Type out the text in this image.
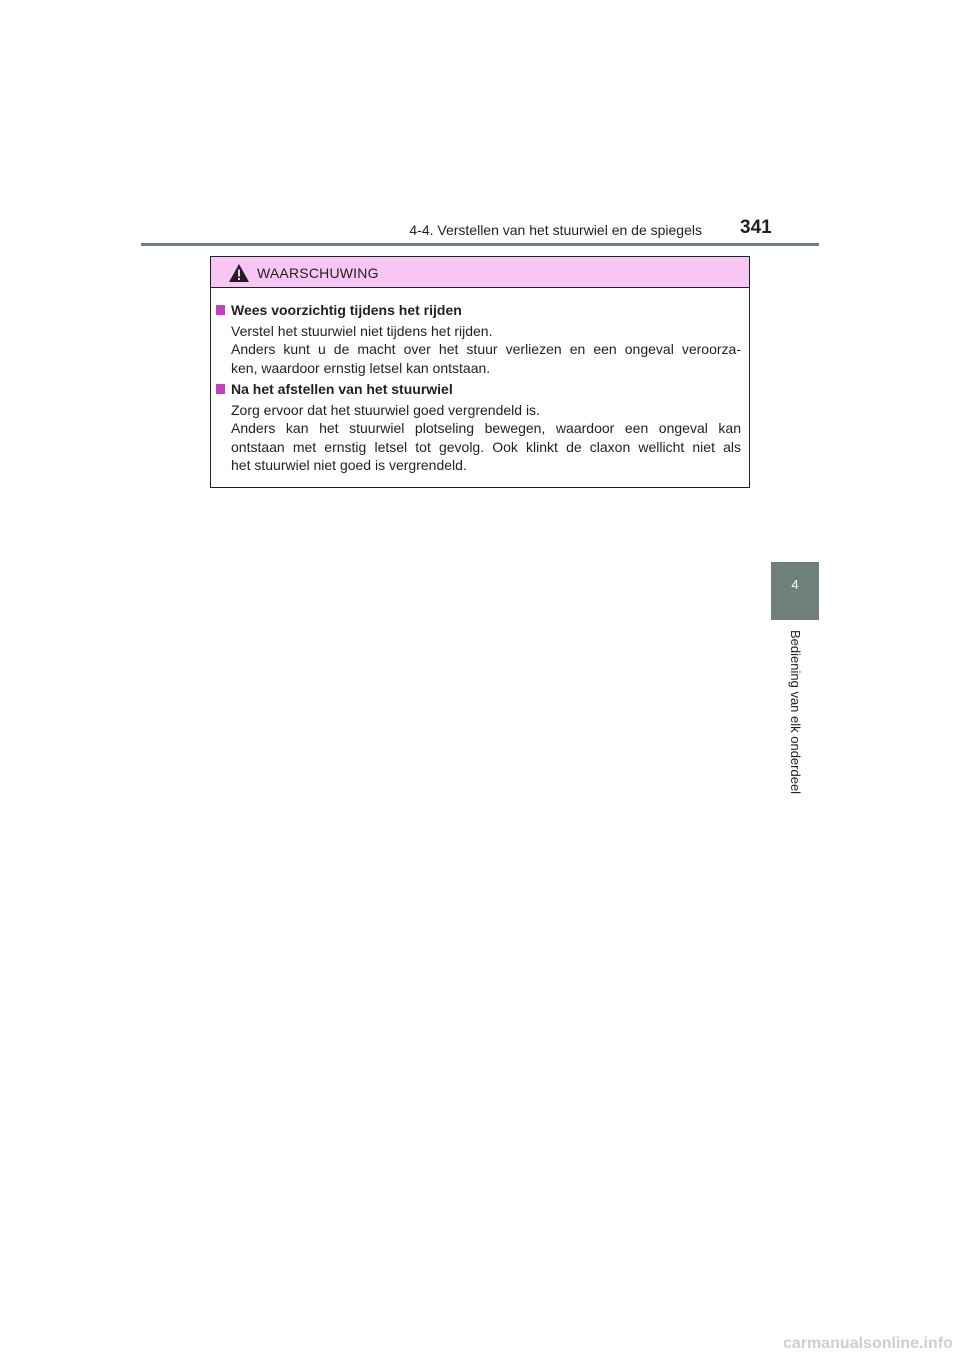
4-4. Verstellen van het stuurwiel en de spiegels 341
4
Bediening van elk onderdeel
WAARSCHUWING
Wees voorzichtig tijdens het rijden
Verstel het stuurwiel niet tijdens het rijden.
Anders kunt u de macht over het stuur verliezen en een ongeval veroorza-
ken, waardoor ernstig letsel kan ontstaan.
Na het afstellen van het stuurwiel
Zorg ervoor dat het stuurwiel goed vergrendeld is.
Anders kan het stuurwiel plotseling bewegen, waardoor een ongeval kan
ontstaan met ernstig letsel tot gevolg. Ook klinkt de claxon wellicht niet als
het stuurwiel niet goed is vergrendeld.
carmanualsonline.info
